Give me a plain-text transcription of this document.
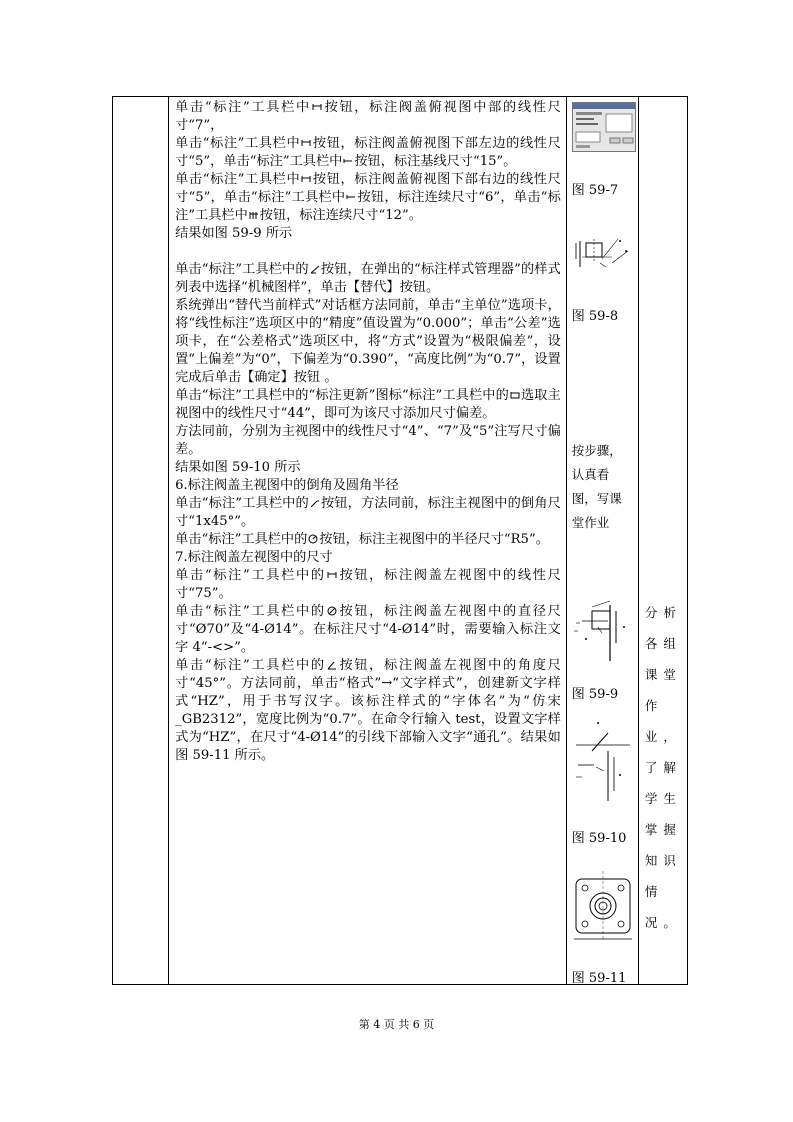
单击“标注”工具栏中 按钮，标注阀盖俯视图中部的线性尺寸“7”，

单击“标注”工具栏中 按钮，标注阀盖俯视图下部左边的线性尺寸“5”，单击“标注”工具栏中 按钮，标注基线尺寸“15”。

单击“标注”工具栏中 按钮，标注阀盖俯视图下部右边的线性尺寸“5”，单击“标注”工具栏中 按钮，标注连续尺寸“6”，单击“标注”工具栏中 按钮，标注连续尺寸“12”。

结果如图 59-9 所示

单击“标注”工具栏中的 按钮，在弹出的“标注样式管理器”的样式列表中选择“机械图样”，单击【替代】按钮。

系统弹出“替代当前样式”对话框方法同前，单击“主单位”选项卡，将“线性标注”选项区中的“精度”值设置为“0.000”；单击“公差”选项卡，在“公差格式”选项区中，将“方式”设置为“极限偏差”，设置“上偏差”为“0”，下偏差为“0.390”，“高度比例”为“0.7”，设置完成后单击【确定】按钮 。

单击“标注”工具栏中的“标注更新”图标“标注”工具栏中的 选取主视图中的线性尺寸“44”，即可为该尺寸添加尺寸偏差。

方法同前，分别为主视图中的线性尺寸“4”、“7”及“5”注写尺寸偏差。

结果如图 59-10 所示

6.标注阀盖主视图中的倒角及圆角半径

单击“标注”工具栏中的 按钮，方法同前，标注主视图中的倒角尺寸“1x45°”。

单击“标注”工具栏中的 按钮，标注主视图中的半径尺寸“R5”。

7.标注阀盖左视图中的尺寸

单击“标注”工具栏中的 按钮，标注阀盖左视图中的线性尺寸“75”。

单击“标注”工具栏中的 按钮，标注阀盖左视图中的直径尺寸“Ø70”及“4-Ø14”。在标注尺寸“4-Ø14”时，需要输入标注文字 4“-<>”。

单击“标注”工具栏中的 按钮，标注阀盖左视图中的角度尺寸“45°”。方法同前，单击“格式”→“文字样式”，创建新文字样式“HZ”，用于书写汉字。该标注样式的“字体名”为“仿宋_GB2312”，宽度比例为“0.7”。在命令行输入 test，设置文字样式为“HZ”，在尺寸“4-Ø14”的引线下部输入文字“通孔”。结果如图 59-11 所示。

图 59-7
图 59-8
按步骤，认真看图，写课堂作业
图 59-9
图 59-10
图 59-11

分析各组课堂作业，了解学生掌握知识情况。
第 4 页 共 6 页
